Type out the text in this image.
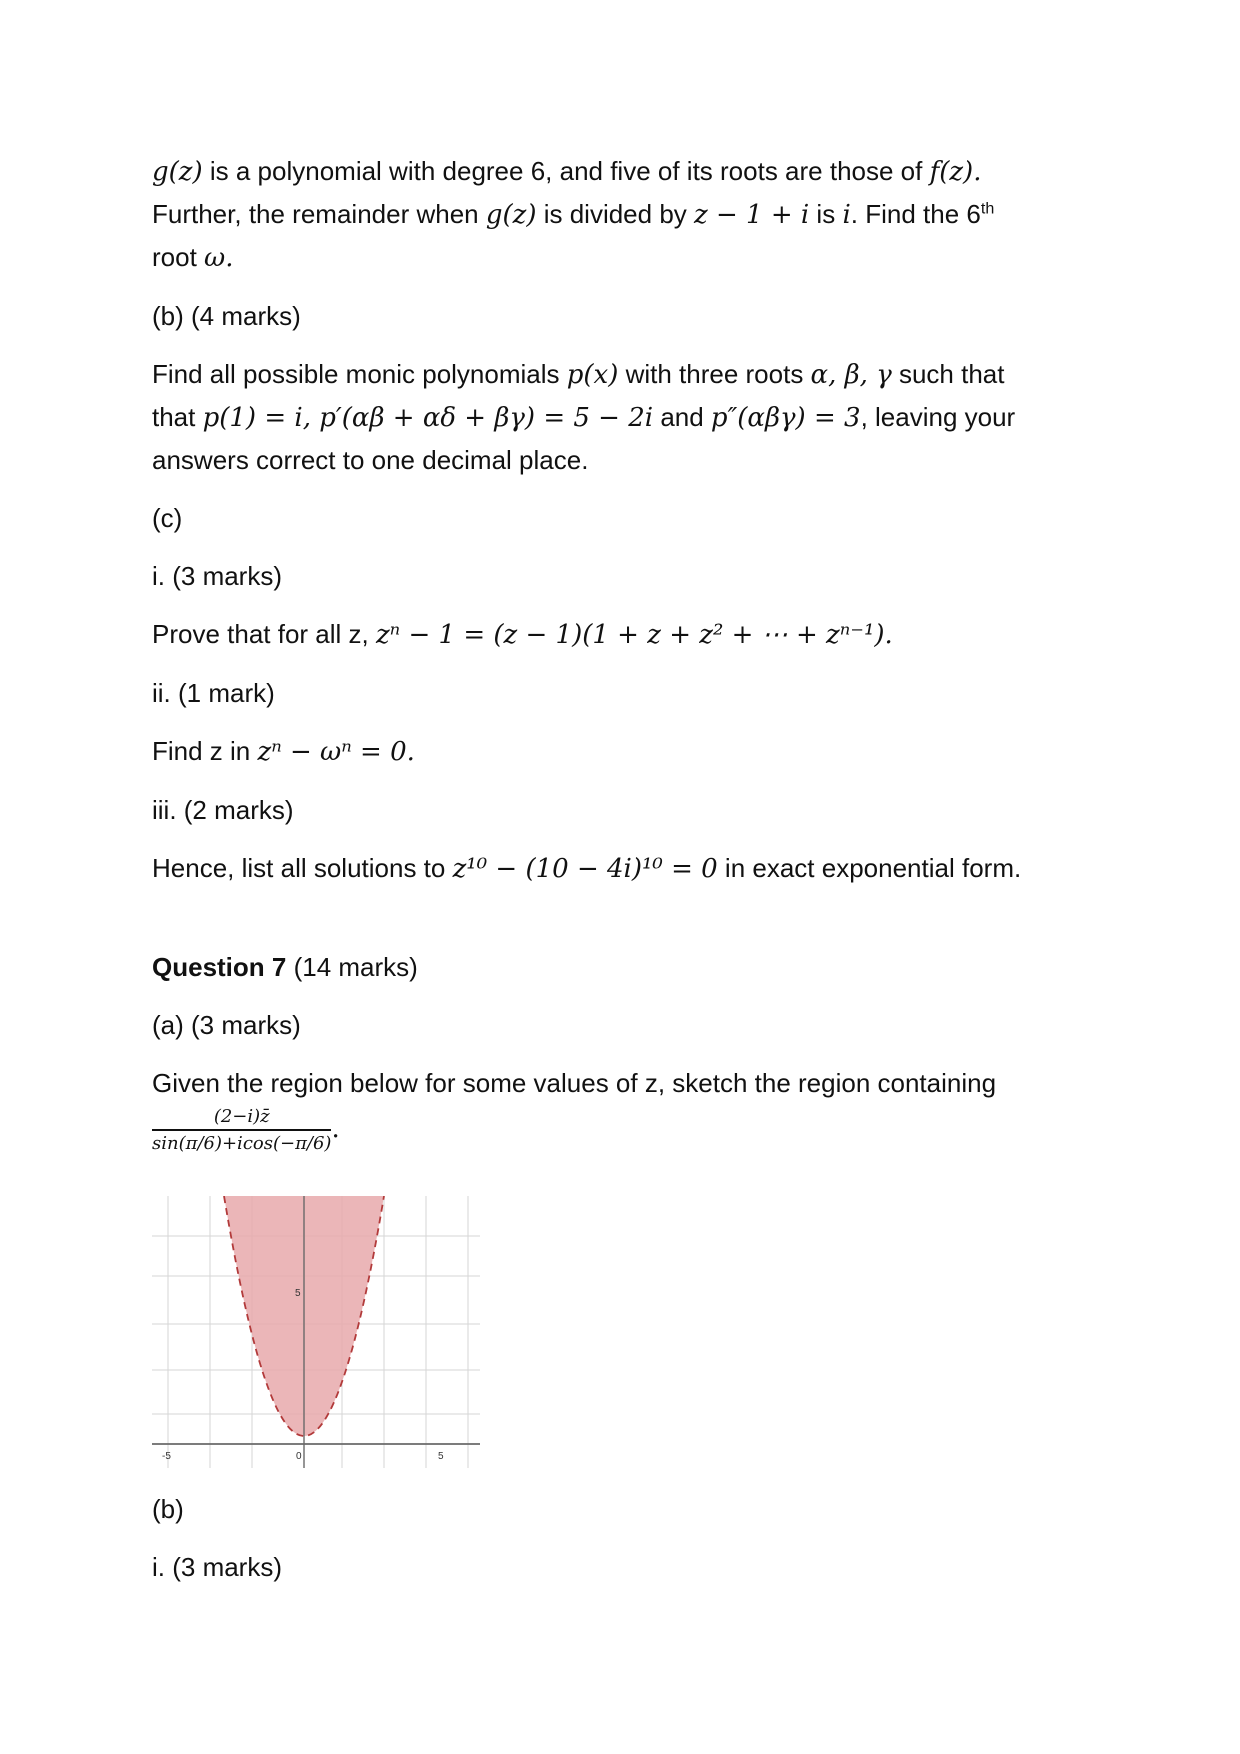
g(z) is a polynomial with degree 6, and five of its roots are those of f(z).
Further, the remainder when g(z) is divided by z − 1 + i is i. Find the 6th
root ω.
(b) (4 marks)
Find all possible monic polynomials p(x) with three roots α, β, γ such that
that p(1) = i, p′(αβ + αδ + βγ) = 5 − 2i and p″(αβγ) = 3, leaving your
answers correct to one decimal place.
(c)
i. (3 marks)
Prove that for all z, zⁿ − 1 = (z − 1)(1 + z + z² + ⋯ + zⁿ⁻¹).
ii. (1 mark)
Find z in zⁿ − ωⁿ = 0.
iii. (2 marks)
Hence, list all solutions to z¹⁰ − (10 − 4i)¹⁰ = 0 in exact exponential form.
Question 7 (14 marks)
(a) (3 marks)
Given the region below for some values of z, sketch the region containing
$\frac{(2-i)z̄}{\sin(\pi/6)+icos(-\pi/6)}$ .
-5	0	5
5
(b)
i. (3 marks)
